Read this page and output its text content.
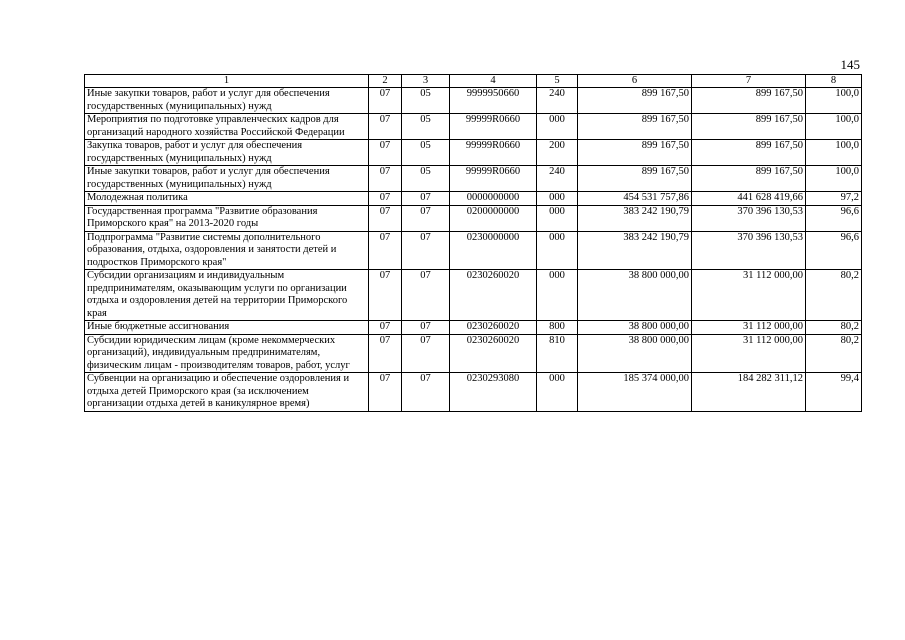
145
1	2	3	4	5	6	7	8
Иные закупки товаров, работ и услуг для обеспечения государственных (муниципальных) нужд	07	05	9999950660	240	899 167,50	899 167,50	100,0
Мероприятия по подготовке управленческих кадров для организаций народного хозяйства Российской Федерации	07	05	99999R0660	000	899 167,50	899 167,50	100,0
Закупка товаров, работ и услуг для обеспечения государственных (муниципальных) нужд	07	05	99999R0660	200	899 167,50	899 167,50	100,0
Иные закупки товаров, работ и услуг для обеспечения государственных (муниципальных) нужд	07	05	99999R0660	240	899 167,50	899 167,50	100,0
Молодежная политика	07	07	0000000000	000	454 531 757,86	441 628 419,66	97,2
Государственная программа "Развитие образования Приморского края" на 2013-2020 годы	07	07	0200000000	000	383 242 190,79	370 396 130,53	96,6
Подпрограмма "Развитие системы дополнительного образования, отдыха, оздоровления и занятости детей и подростков Приморского края"	07	07	0230000000	000	383 242 190,79	370 396 130,53	96,6
Субсидии организациям и индивидуальным предпринимателям, оказывающим услуги по организации отдыха и оздоровления детей на территории Приморского края	07	07	0230260020	000	38 800 000,00	31 112 000,00	80,2
Иные бюджетные ассигнования	07	07	0230260020	800	38 800 000,00	31 112 000,00	80,2
Субсидии юридическим лицам (кроме некоммерческих организаций), индивидуальным предпринимателям, физическим лицам - производителям товаров, работ, услуг	07	07	0230260020	810	38 800 000,00	31 112 000,00	80,2
Субвенции на организацию и обеспечение оздоровления и отдыха детей Приморского края (за исключением организации отдыха детей в каникулярное время)	07	07	0230293080	000	185 374 000,00	184 282 311,12	99,4
